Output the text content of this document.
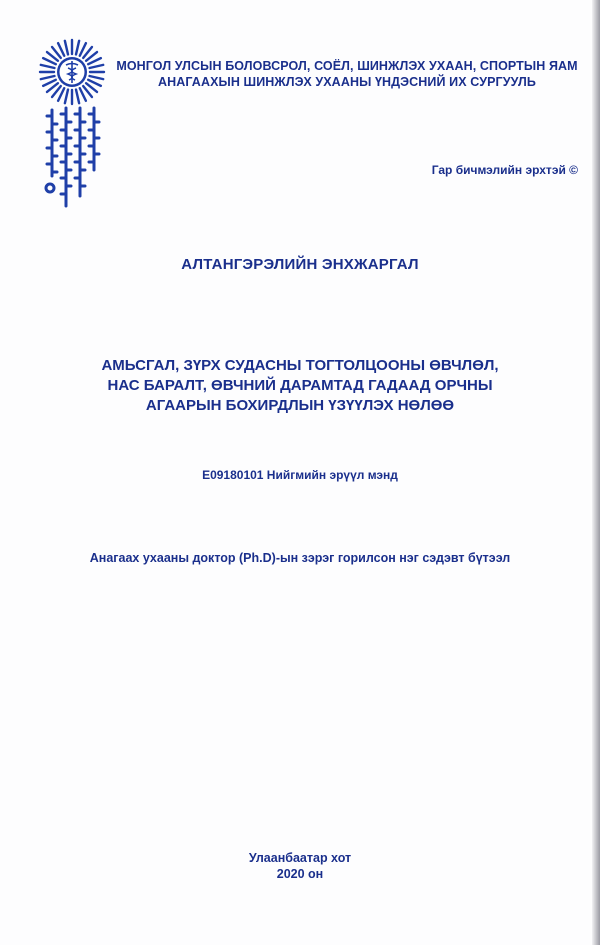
МОНГОЛ УЛСЫН БОЛОВСРОЛ, СОЁЛ, ШИНЖЛЭХ УХААН, СПОРТЫН ЯАМ
АНАГААХЫН ШИНЖЛЭХ УХААНЫ ҮНДЭСНИЙ ИХ СУРГУУЛЬ
Гар бичмэлийн эрхтэй ©
АЛТАНГЭРЭЛИЙН ЭНХЖАРГАЛ
АМЬСГАЛ, ЗҮРХ СУДАСНЫ ТОГТОЛЦООНЫ ӨВЧЛӨЛ,
НАС БАРАЛТ, ӨВЧНИЙ ДАРАМТАД ГАДААД ОРЧНЫ
АГААРЫН БОХИРДЛЫН ҮЗҮҮЛЭХ НӨЛӨӨ
E09180101 Нийгмийн эрүүл мэнд
Анагаах ухааны доктор (Ph.D)-ын зэрэг горилсон нэг сэдэвт бүтээл
Улаанбаатар хот
2020 он
